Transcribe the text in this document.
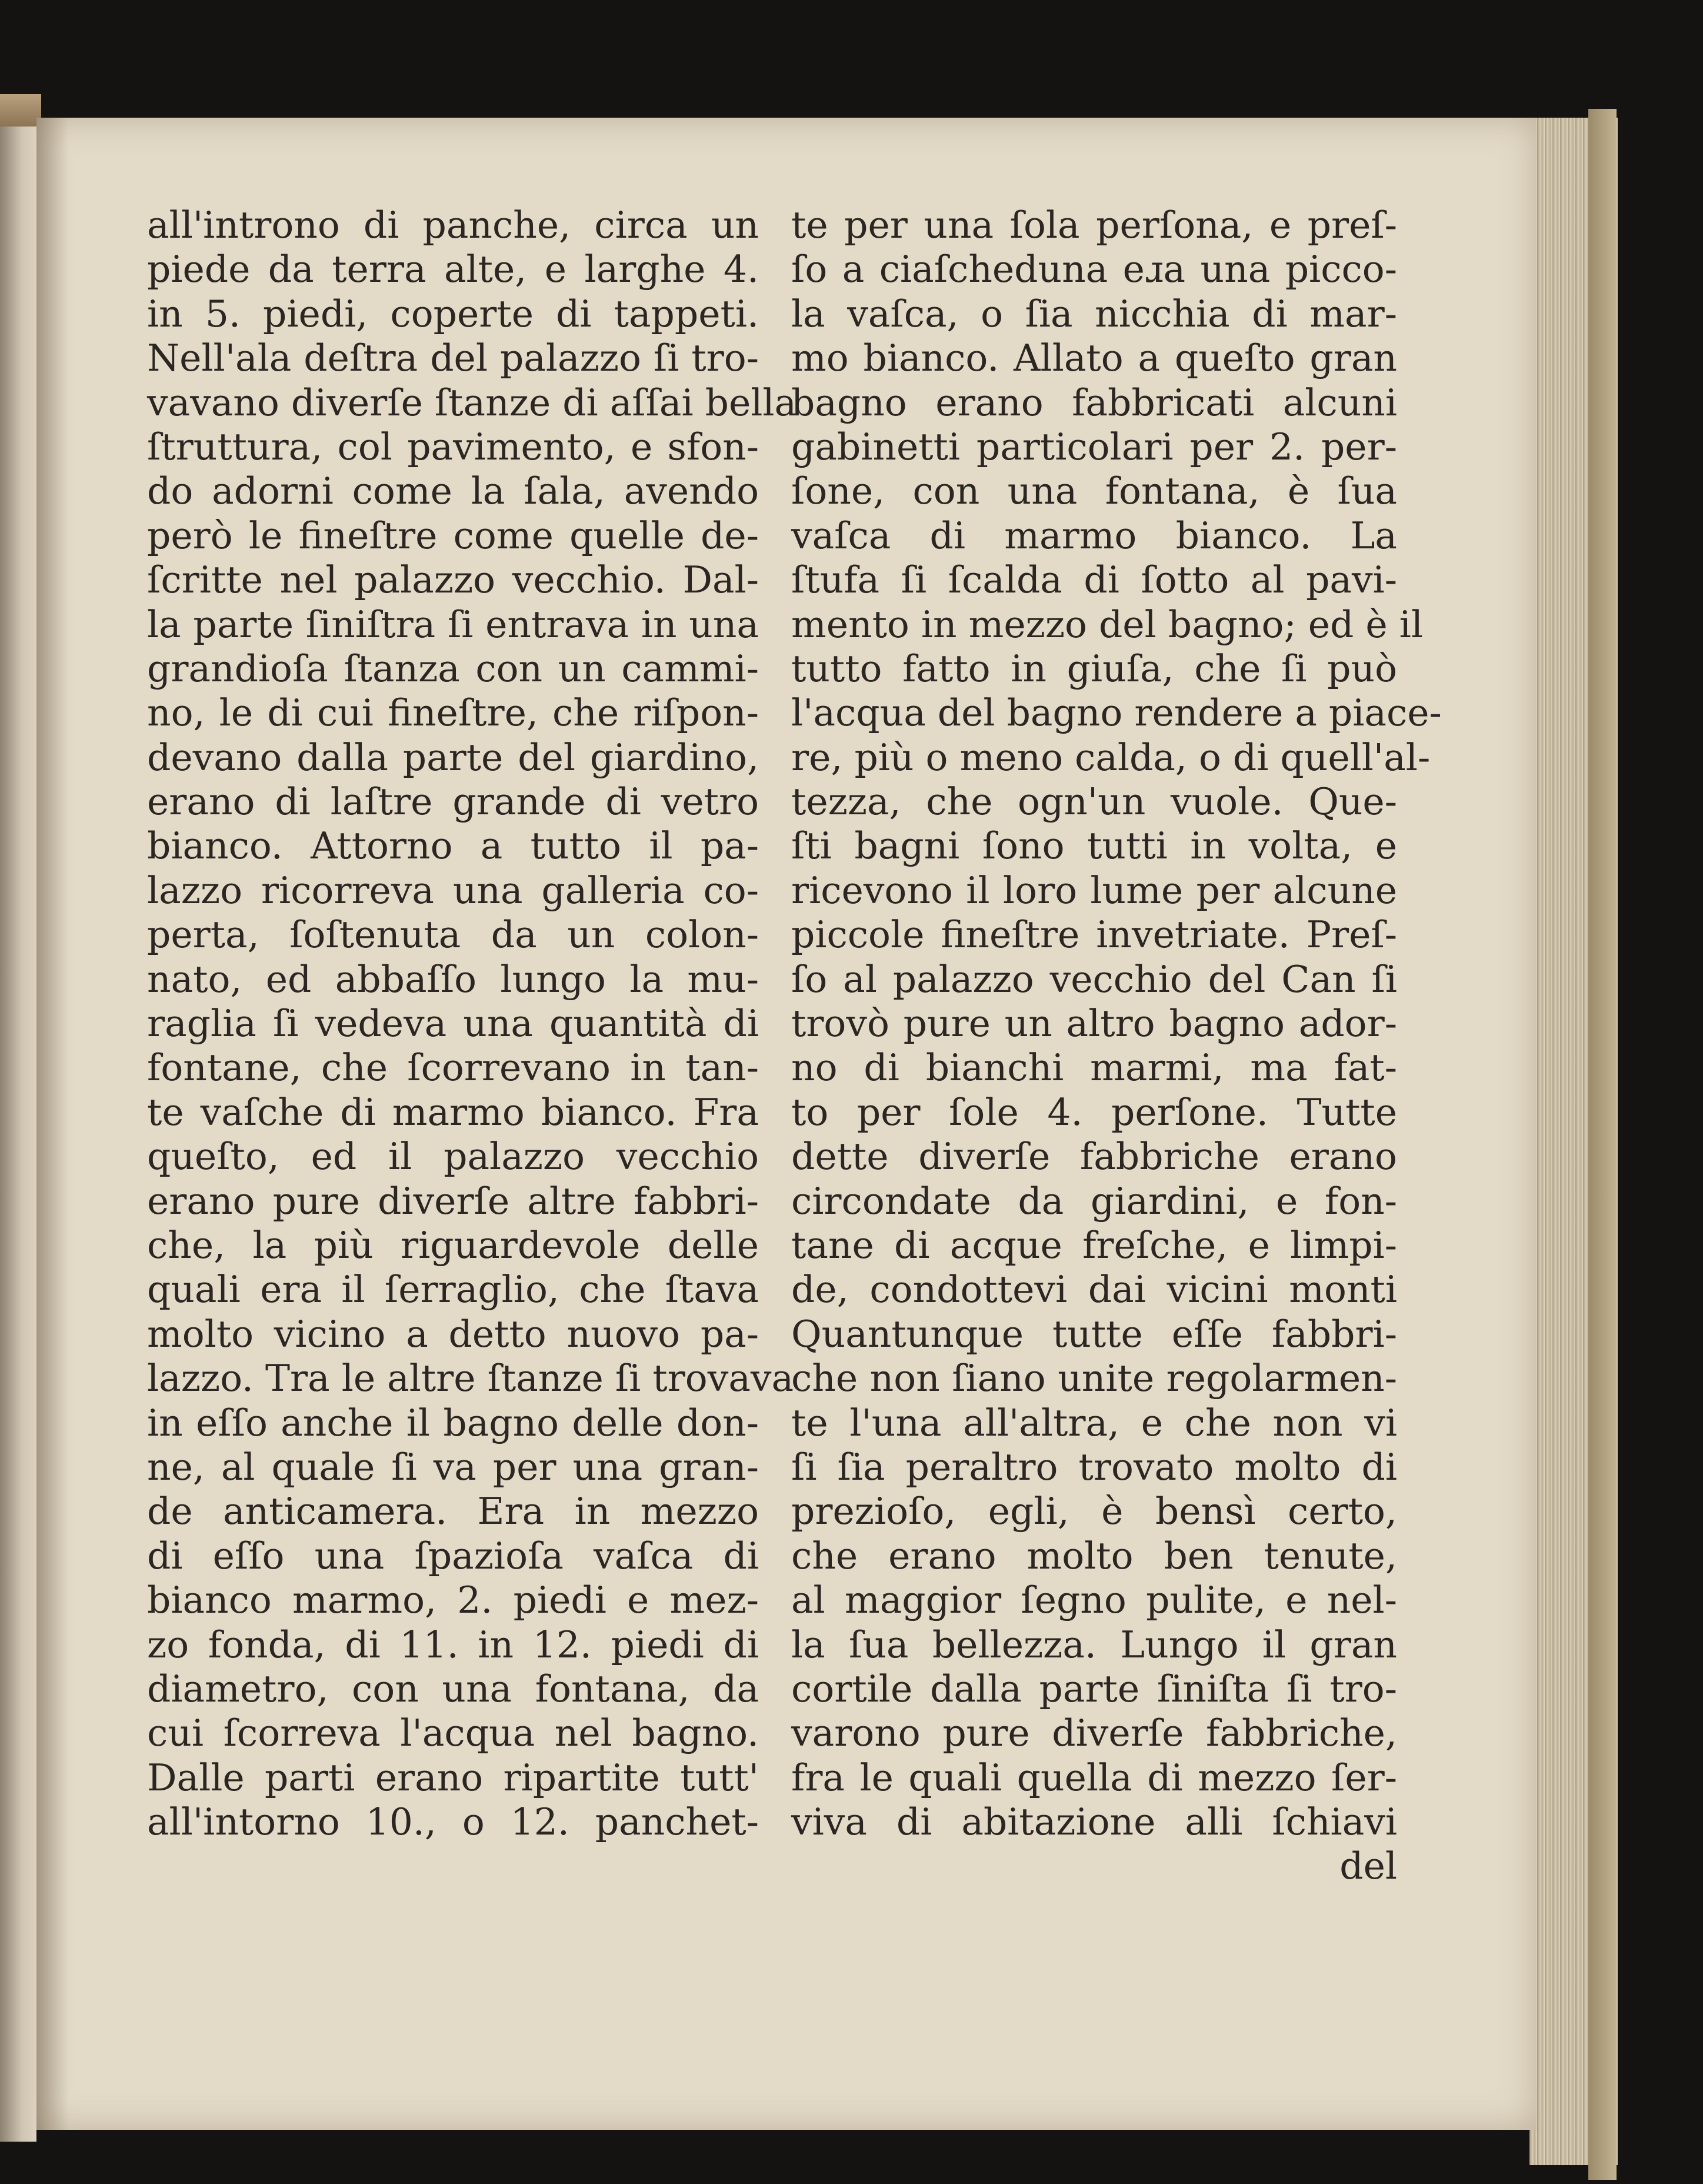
all'introno di panche, circa un
piede da terra alte, e larghe 4.
in 5. piedi, coperte di tappeti.
Nell'ala deſtra del palazzo ſi tro-
vavano diverſe ſtanze di aſſai bella
ſtruttura, col pavimento, e sfon-
do adorni come la ſala, avendo
però le fineſtre come quelle de-
ſcritte nel palazzo vecchio. Dal-
la parte ſiniſtra ſi entrava in una
grandioſa ſtanza con un cammi-
no, le di cui fineſtre, che riſpon-
devano dalla parte del giardino,
erano di laſtre grande di vetro
bianco. Attorno a tutto il pa-
lazzo ricorreva una galleria co-
perta, ſoſtenuta da un colon-
nato, ed abbaſſo lungo la mu-
raglia ſi vedeva una quantità di
fontane, che ſcorrevano in tan-
te vaſche di marmo bianco. Fra
queſto, ed il palazzo vecchio
erano pure diverſe altre fabbri-
che, la più riguardevole delle
quali era il ſerraglio, che ſtava
molto vicino a detto nuovo pa-
lazzo. Tra le altre ſtanze ſi trovava
in eſſo anche il bagno delle don-
ne, al quale ſi va per una gran-
de anticamera. Era in mezzo
di eſſo una ſpazioſa vaſca di
bianco marmo, 2. piedi e mez-
zo fonda, di 11. in 12. piedi di
diametro, con una fontana, da
cui ſcorreva l'acqua nel bagno.
Dalle parti erano ripartite tutt'
all'intorno 10., o 12. panchet-
te per una ſola perſona, e preſ-
ſo a ciaſcheduna eɹa una picco-
la vaſca, o ſia nicchia di mar-
mo bianco. Allato a queſto gran
bagno erano fabbricati alcuni
gabinetti particolari per 2. per-
ſone, con una fontana, è ſua
vaſca di marmo bianco. La
ſtufa ſi ſcalda di ſotto al pavi-
mento in mezzo del bagno; ed è il
tutto fatto in giuſa, che ſi può
l'acqua del bagno rendere a piace-
re, più o meno calda, o di quell'al-
tezza, che ogn'un vuole. Que-
ſti bagni ſono tutti in volta, e
ricevono il loro lume per alcune
piccole fineſtre invetriate. Preſ-
ſo al palazzo vecchio del Can ſi
trovò pure un altro bagno ador-
no di bianchi marmi, ma fat-
to per ſole 4. perſone. Tutte
dette diverſe fabbriche erano
circondate da giardini, e fon-
tane di acque freſche, e limpi-
de, condottevi dai vicini monti
Quantunque tutte eſſe fabbri-
che non ſiano unite regolarmen-
te l'una all'altra, e che non vi
ſi ſia peraltro trovato molto di
prezioſo, egli, è bensì certo,
che erano molto ben tenute,
al maggior ſegno pulite, e nel-
la ſua bellezza. Lungo il gran
cortile dalla parte ſiniſta ſi tro-
varono pure diverſe fabbriche,
fra le quali quella di mezzo ſer-
viva di abitazione alli ſchiavi
del
